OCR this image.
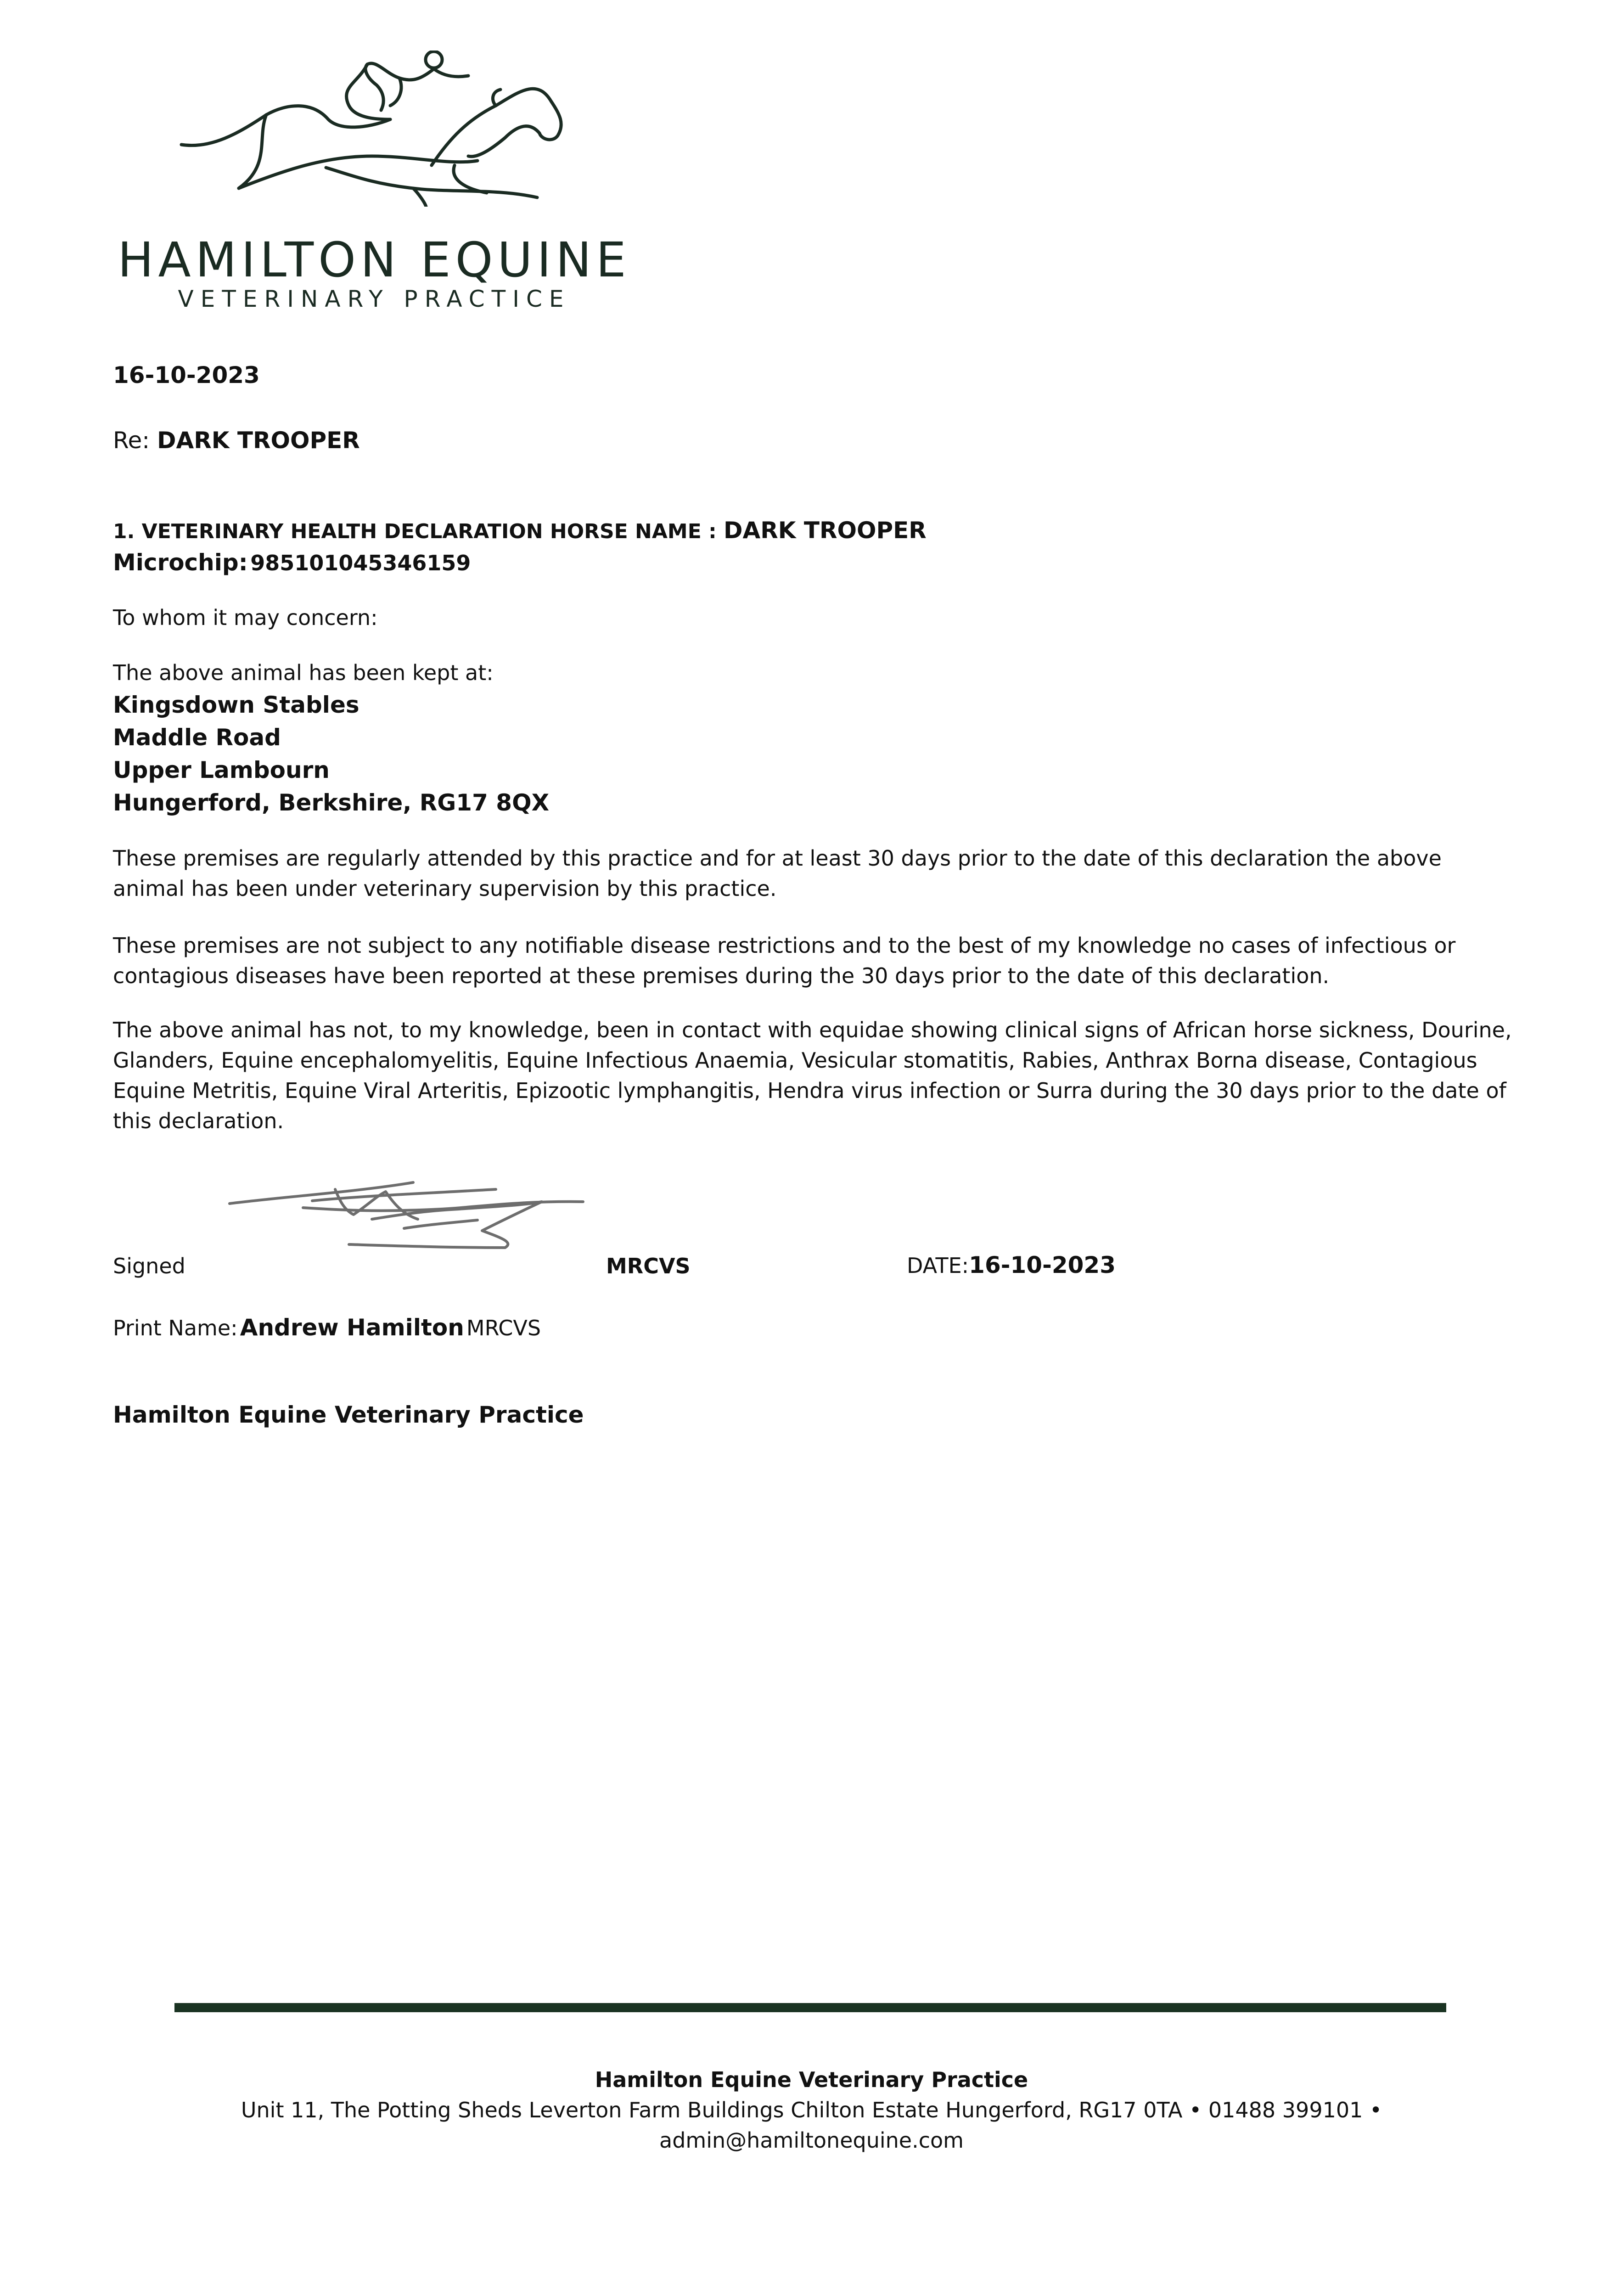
HAMILTON EQUINE
VETERINARY PRACTICE
16-10-2023
Re: DARK TROOPER
1. VETERINARY HEALTH DECLARATION HORSE NAME : DARK TROOPER
Microchip: 985101045346159
To whom it may concern:
The above animal has been kept at:
Kingsdown Stables
Maddle Road
Upper Lambourn
Hungerford, Berkshire, RG17 8QX
These premises are regularly attended by this practice and for at least 30 days prior to the date of this declaration the above animal has been under veterinary supervision by this practice.
These premises are not subject to any notifiable disease restrictions and to the best of my knowledge no cases of infectious or contagious diseases have been reported at these premises during the 30 days prior to the date of this declaration.
The above animal has not, to my knowledge, been in contact with equidae showing clinical signs of African horse sickness, Dourine, Glanders, Equine encephalomyelitis, Equine Infectious Anaemia, Vesicular stomatitis, Rabies, Anthrax Borna disease, Contagious Equine Metritis, Equine Viral Arteritis, Epizootic lymphangitis, Hendra virus infection or Surra during the 30 days prior to the date of this declaration.
Signed	MRCVS	DATE:16-10-2023
Print Name: Andrew Hamilton MRCVS
Hamilton Equine Veterinary Practice
Hamilton Equine Veterinary Practice
Unit 11, The Potting Sheds Leverton Farm Buildings Chilton Estate Hungerford, RG17 0TA • 01488 399101 •
admin@hamiltonequine.com
